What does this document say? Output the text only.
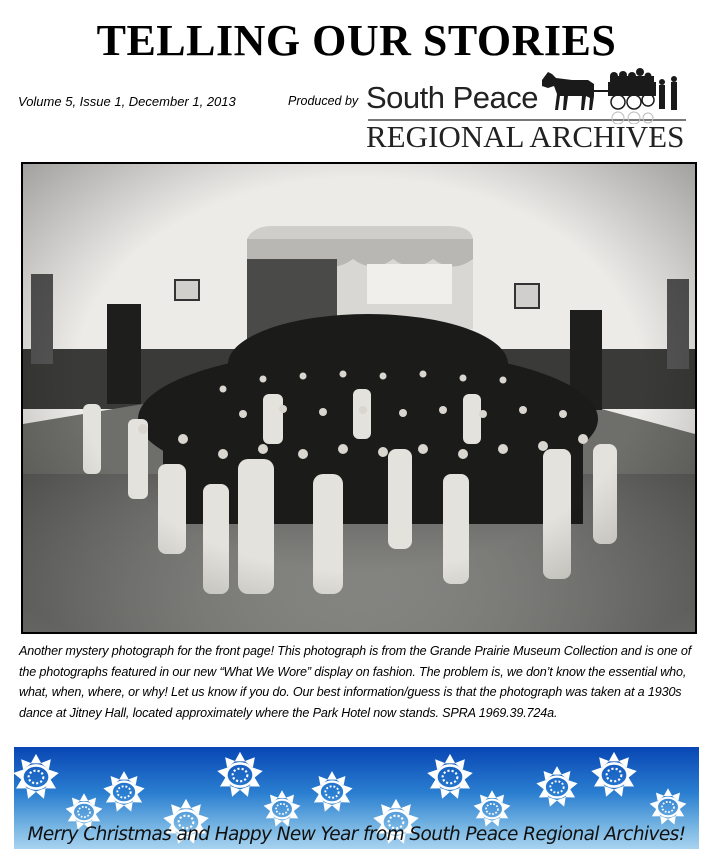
TELLING OUR STORIES
Volume 5, Issue 1, December 1, 2013	Produced by South Peace
REGIONAL ARCHIVES
Another mystery photograph for the front page! This photograph is from the Grande Prairie Museum Collection and is one of the photographs featured in our new “What We Wore” display on fashion. The problem is, we don’t know the essential who, what, when, where, or why! Let us know if you do. Our best information/guess is that the photograph was taken at a 1930s dance at Jitney Hall, located approximately where the Park Hotel now stands. SPRA 1969.39.724a.
Merry Christmas and Happy New Year from South Peace Regional Archives!
